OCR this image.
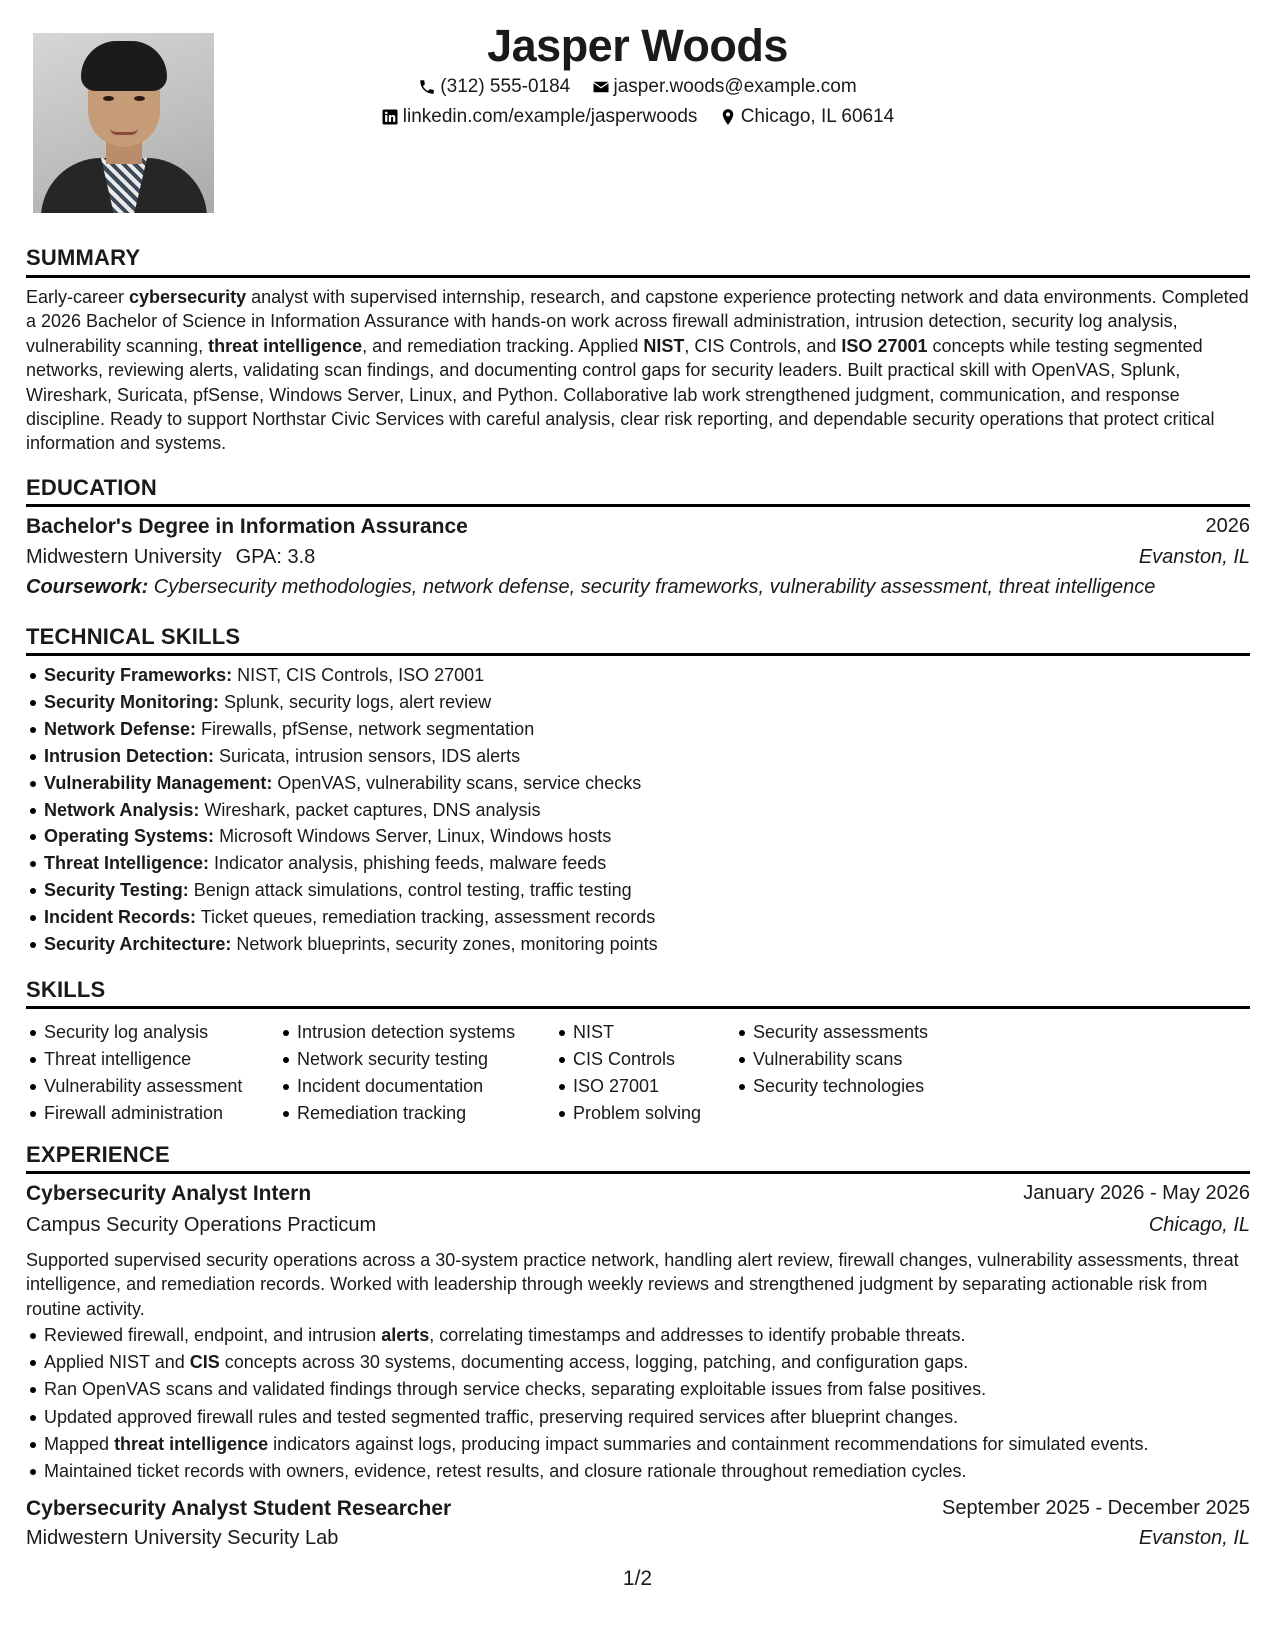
Jasper Woods
(312) 555-0184
jasper.woods@example.com
linkedin.com/example/jasperwoods
Chicago, IL 60614
SUMMARY
Early-career cybersecurity analyst with supervised internship, research, and capstone experience protecting network and data environments. Completed a 2026 Bachelor of Science in Information Assurance with hands-on work across firewall administration, intrusion detection, security log analysis, vulnerability scanning, threat intelligence, and remediation tracking. Applied NIST, CIS Controls, and ISO 27001 concepts while testing segmented networks, reviewing alerts, validating scan findings, and documenting control gaps for security leaders. Built practical skill with OpenVAS, Splunk, Wireshark, Suricata, pfSense, Windows Server, Linux, and Python. Collaborative lab work strengthened judgment, communication, and response discipline. Ready to support Northstar Civic Services with careful analysis, clear risk reporting, and dependable security operations that protect critical information and systems.
EDUCATION
Bachelor's Degree in Information Assurance	2026
Midwestern University GPA: 3.8	Evanston, IL
Coursework: Cybersecurity methodologies, network defense, security frameworks, vulnerability assessment, threat intelligence
TECHNICAL SKILLS
Security Frameworks: NIST, CIS Controls, ISO 27001
Security Monitoring: Splunk, security logs, alert review
Network Defense: Firewalls, pfSense, network segmentation
Intrusion Detection: Suricata, intrusion sensors, IDS alerts
Vulnerability Management: OpenVAS, vulnerability scans, service checks
Network Analysis: Wireshark, packet captures, DNS analysis
Operating Systems: Microsoft Windows Server, Linux, Windows hosts
Threat Intelligence: Indicator analysis, phishing feeds, malware feeds
Security Testing: Benign attack simulations, control testing, traffic testing
Incident Records: Ticket queues, remediation tracking, assessment records
Security Architecture: Network blueprints, security zones, monitoring points
SKILLS
Security log analysis
Threat intelligence
Vulnerability assessment
Firewall administration
Intrusion detection systems
Network security testing
Incident documentation
Remediation tracking
NIST
CIS Controls
ISO 27001
Problem solving
Security assessments
Vulnerability scans
Security technologies
EXPERIENCE
Cybersecurity Analyst Intern	January 2026 - May 2026
Campus Security Operations Practicum	Chicago, IL
Supported supervised security operations across a 30-system practice network, handling alert review, firewall changes, vulnerability assessments, threat intelligence, and remediation records. Worked with leadership through weekly reviews and strengthened judgment by separating actionable risk from routine activity.
Reviewed firewall, endpoint, and intrusion alerts, correlating timestamps and addresses to identify probable threats.
Applied NIST and CIS concepts across 30 systems, documenting access, logging, patching, and configuration gaps.
Ran OpenVAS scans and validated findings through service checks, separating exploitable issues from false positives.
Updated approved firewall rules and tested segmented traffic, preserving required services after blueprint changes.
Mapped threat intelligence indicators against logs, producing impact summaries and containment recommendations for simulated events.
Maintained ticket records with owners, evidence, retest results, and closure rationale throughout remediation cycles.
Cybersecurity Analyst Student Researcher	September 2025 - December 2025
Midwestern University Security Lab	Evanston, IL
1/2
